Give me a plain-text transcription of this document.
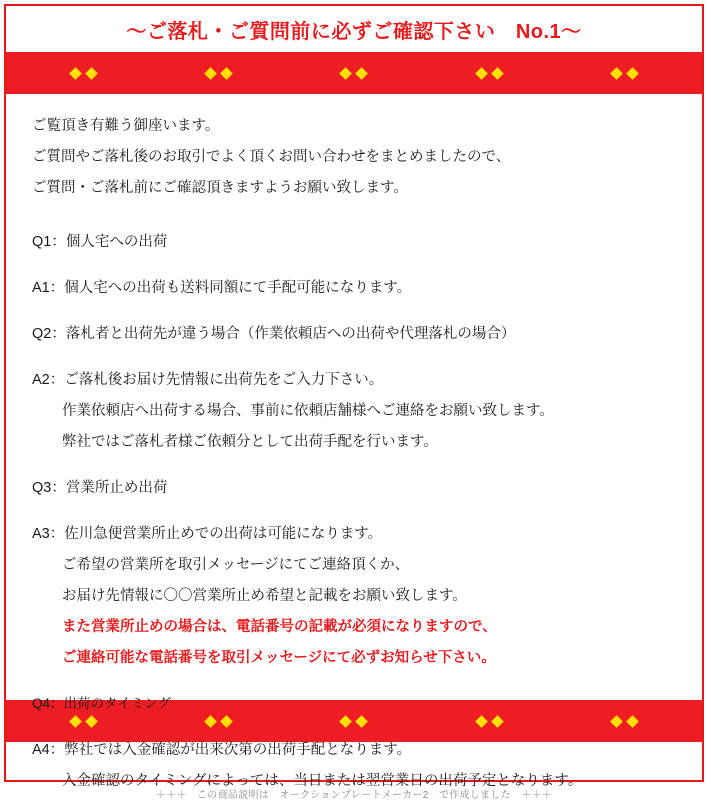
～ご落札・ご質問前に必ずご確認下さい　No.1～

ご覧頂き有難う御座います。

ご質問やご落札後のお取引でよく頂くお問い合わせをまとめましたので、

ご質問・ご落札前にご確認頂きますようお願い致します。

Q1：個人宅への出荷

A1：個人宅への出荷も送料同額にて手配可能になります。

Q2：落札者と出荷先が違う場合（作業依頼店への出荷や代理落札の場合）

A2：ご落札後お届け先情報に出荷先をご入力下さい。

作業依頼店へ出荷する場合、事前に依頼店舗様へご連絡をお願い致します。

弊社ではご落札者様ご依頼分として出荷手配を行います。

Q3：営業所止め出荷

A3：佐川急便営業所止めでの出荷は可能になります。

ご希望の営業所を取引メッセージにてご連絡頂くか、

お届け先情報に〇〇営業所止め希望と記載をお願い致します。

また営業所止めの場合は、電話番号の記載が必須になりますので、

ご連絡可能な電話番号を取引メッセージにて必ずお知らせ下さい。

Q4：出荷のタイミング

A4：弊社では入金確認が出来次第の出荷手配となります。

入金確認のタイミングによっては、当日または翌営業日の出荷予定となります。

＋＋＋　この商品説明は　オークションプレートメーカー2　で作成しました　＋＋＋
